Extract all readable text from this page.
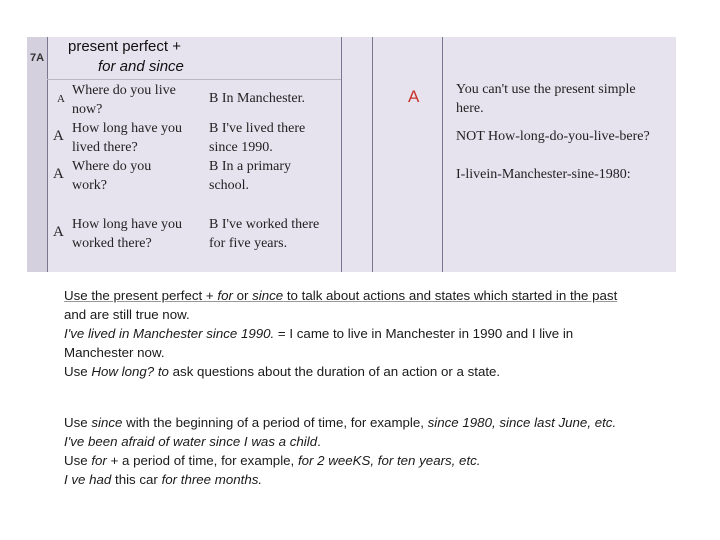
7A
present perfect +
for and since
A
Where do you live
now?
B In Manchester.
A How long have you
lived there?
B I've lived there
since 1990.
A Where do you
work?
B In a primary
school.
A How long have you
worked there?
B I've worked there
for five years.
A	You can't use the present simple
here.
NOT How-long-do-you-live-bere?
I-livein-Manchester-sine-1980:

Use the present perfect + for or since to talk about actions and states which started in the past

and are still true now.

I've lived in Manchester since 1990. = I came to live in Manchester in 1990 and I live in

Manchester now.

Use How long? to ask questions about the duration of an action or a state.

Use since with the beginning of a period of time, for example, since 1980, since last June, etc.

I've been afraid of water since I was a child.

Use for + a period of time, for example, for 2 weeKS, for ten years, etc.

I ve had this car for three months.
